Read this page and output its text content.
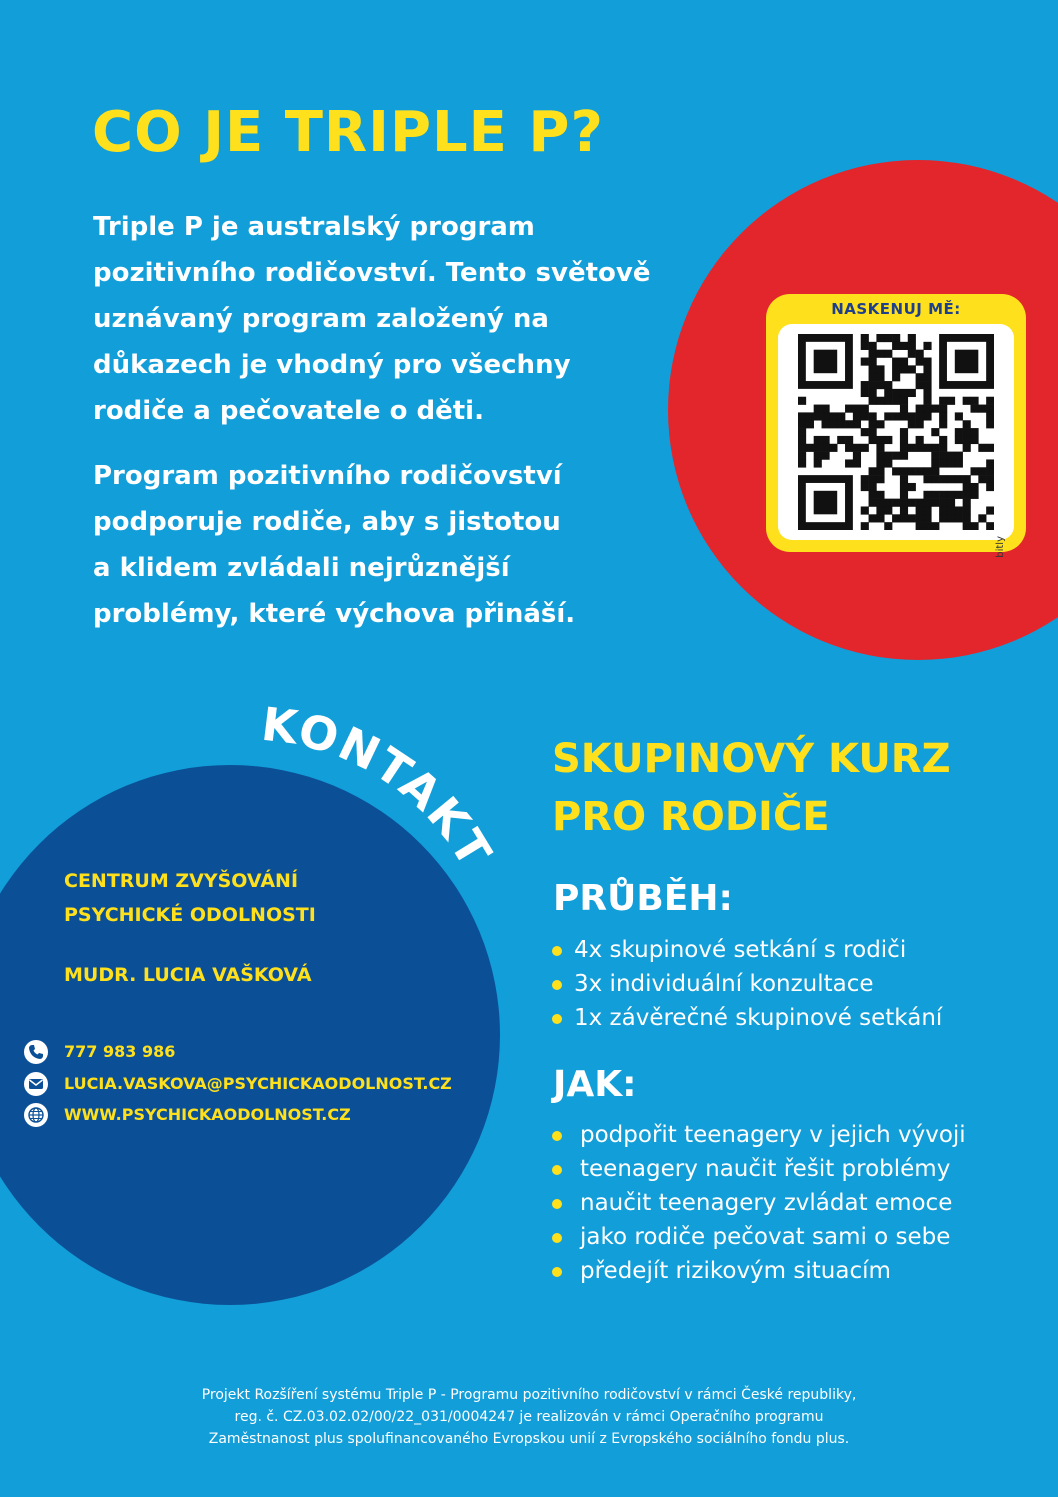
CO JE TRIPLE P?

Triple P je australský program
pozitivního rodičovství. Tento světově
uznávaný program založený na
důkazech je vhodný pro všechny
rodiče a pečovatele o děti.

Program pozitivního rodičovství
podporuje rodiče, aby s jistotou
a klidem zvládali nejrůznější
problémy, které výchova přináší.

NASKENUJ MĚ:
bitly
KONTAKT

CENTRUM ZVYŠOVÁNÍ
PSYCHICKÉ ODOLNOSTI

MUDR. LUCIA VAŠKOVÁ

777 983 986
LUCIA.VASKOVA@PSYCHICKAODOLNOST.CZ
WWW.PSYCHICKAODOLNOST.CZ
SKUPINOVÝ KURZ
PRO RODIČE
PRŮBĚH:
4x skupinové setkání s rodiči
3x individuální konzultace
1x závěrečné skupinové setkání
JAK:
podpořit teenagery v jejich vývoji
teenagery naučit řešit problémy
naučit teenagery zvládat emoce
jako rodiče pečovat sami o sebe
předejít rizikovým situacím

Projekt Rozšíření systému Triple P - Programu pozitivního rodičovství v rámci České republiky,
reg. č. CZ.03.02.02/00/22_031/0004247 je realizován v rámci Operačního programu
Zaměstnanost plus spolufinancovaného Evropskou unií z Evropského sociálního fondu plus.
